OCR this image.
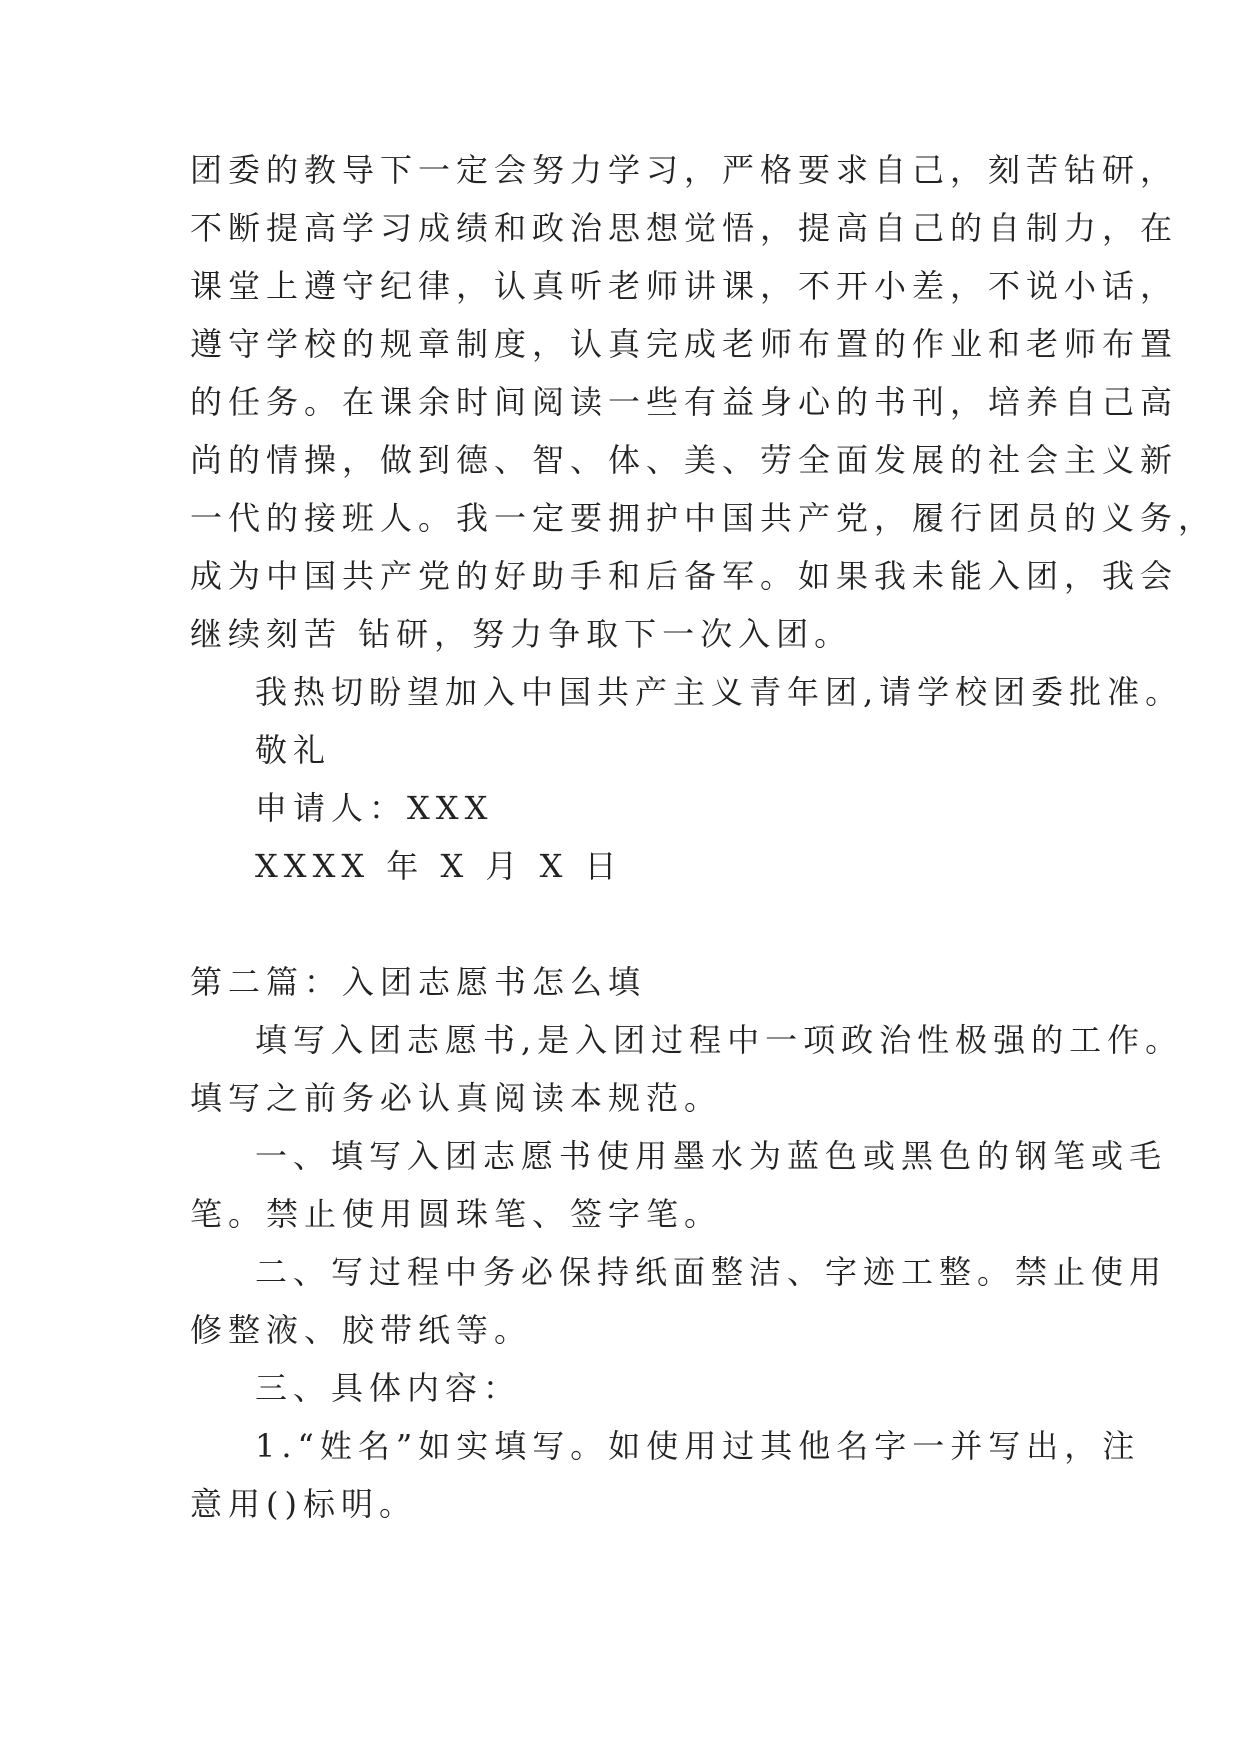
团委的教导下一定会努力学习，严格要求自己，刻苦钻研，
不断提高学习成绩和政治思想觉悟，提高自己的自制力，在
课堂上遵守纪律，认真听老师讲课，不开小差，不说小话，
遵守学校的规章制度，认真完成老师布置的作业和老师布置
的任务。在课余时间阅读一些有益身心的书刊，培养自己高
尚的情操，做到德、智、体、美、劳全面发展的社会主义新
一代的接班人。我一定要拥护中国共产党，履行团员的义务，
成为中国共产党的好助手和后备军。如果我未能入团，我会
继续刻苦 钻研，努力争取下一次入团。
我热切盼望加入中国共产主义青年团,请学校团委批准。
敬礼
申请人：XXX
XXXX 年 X 月 X 日
第二篇：入团志愿书怎么填
填写入团志愿书,是入团过程中一项政治性极强的工作。
填写之前务必认真阅读本规范。
一、填写入团志愿书使用墨水为蓝色或黑色的钢笔或毛
笔。禁止使用圆珠笔、签字笔。
二、写过程中务必保持纸面整洁、字迹工整。禁止使用
修整液、胶带纸等。
三、具体内容：
1.“姓名”如实填写。如使用过其他名字一并写出，注
意用()标明。
